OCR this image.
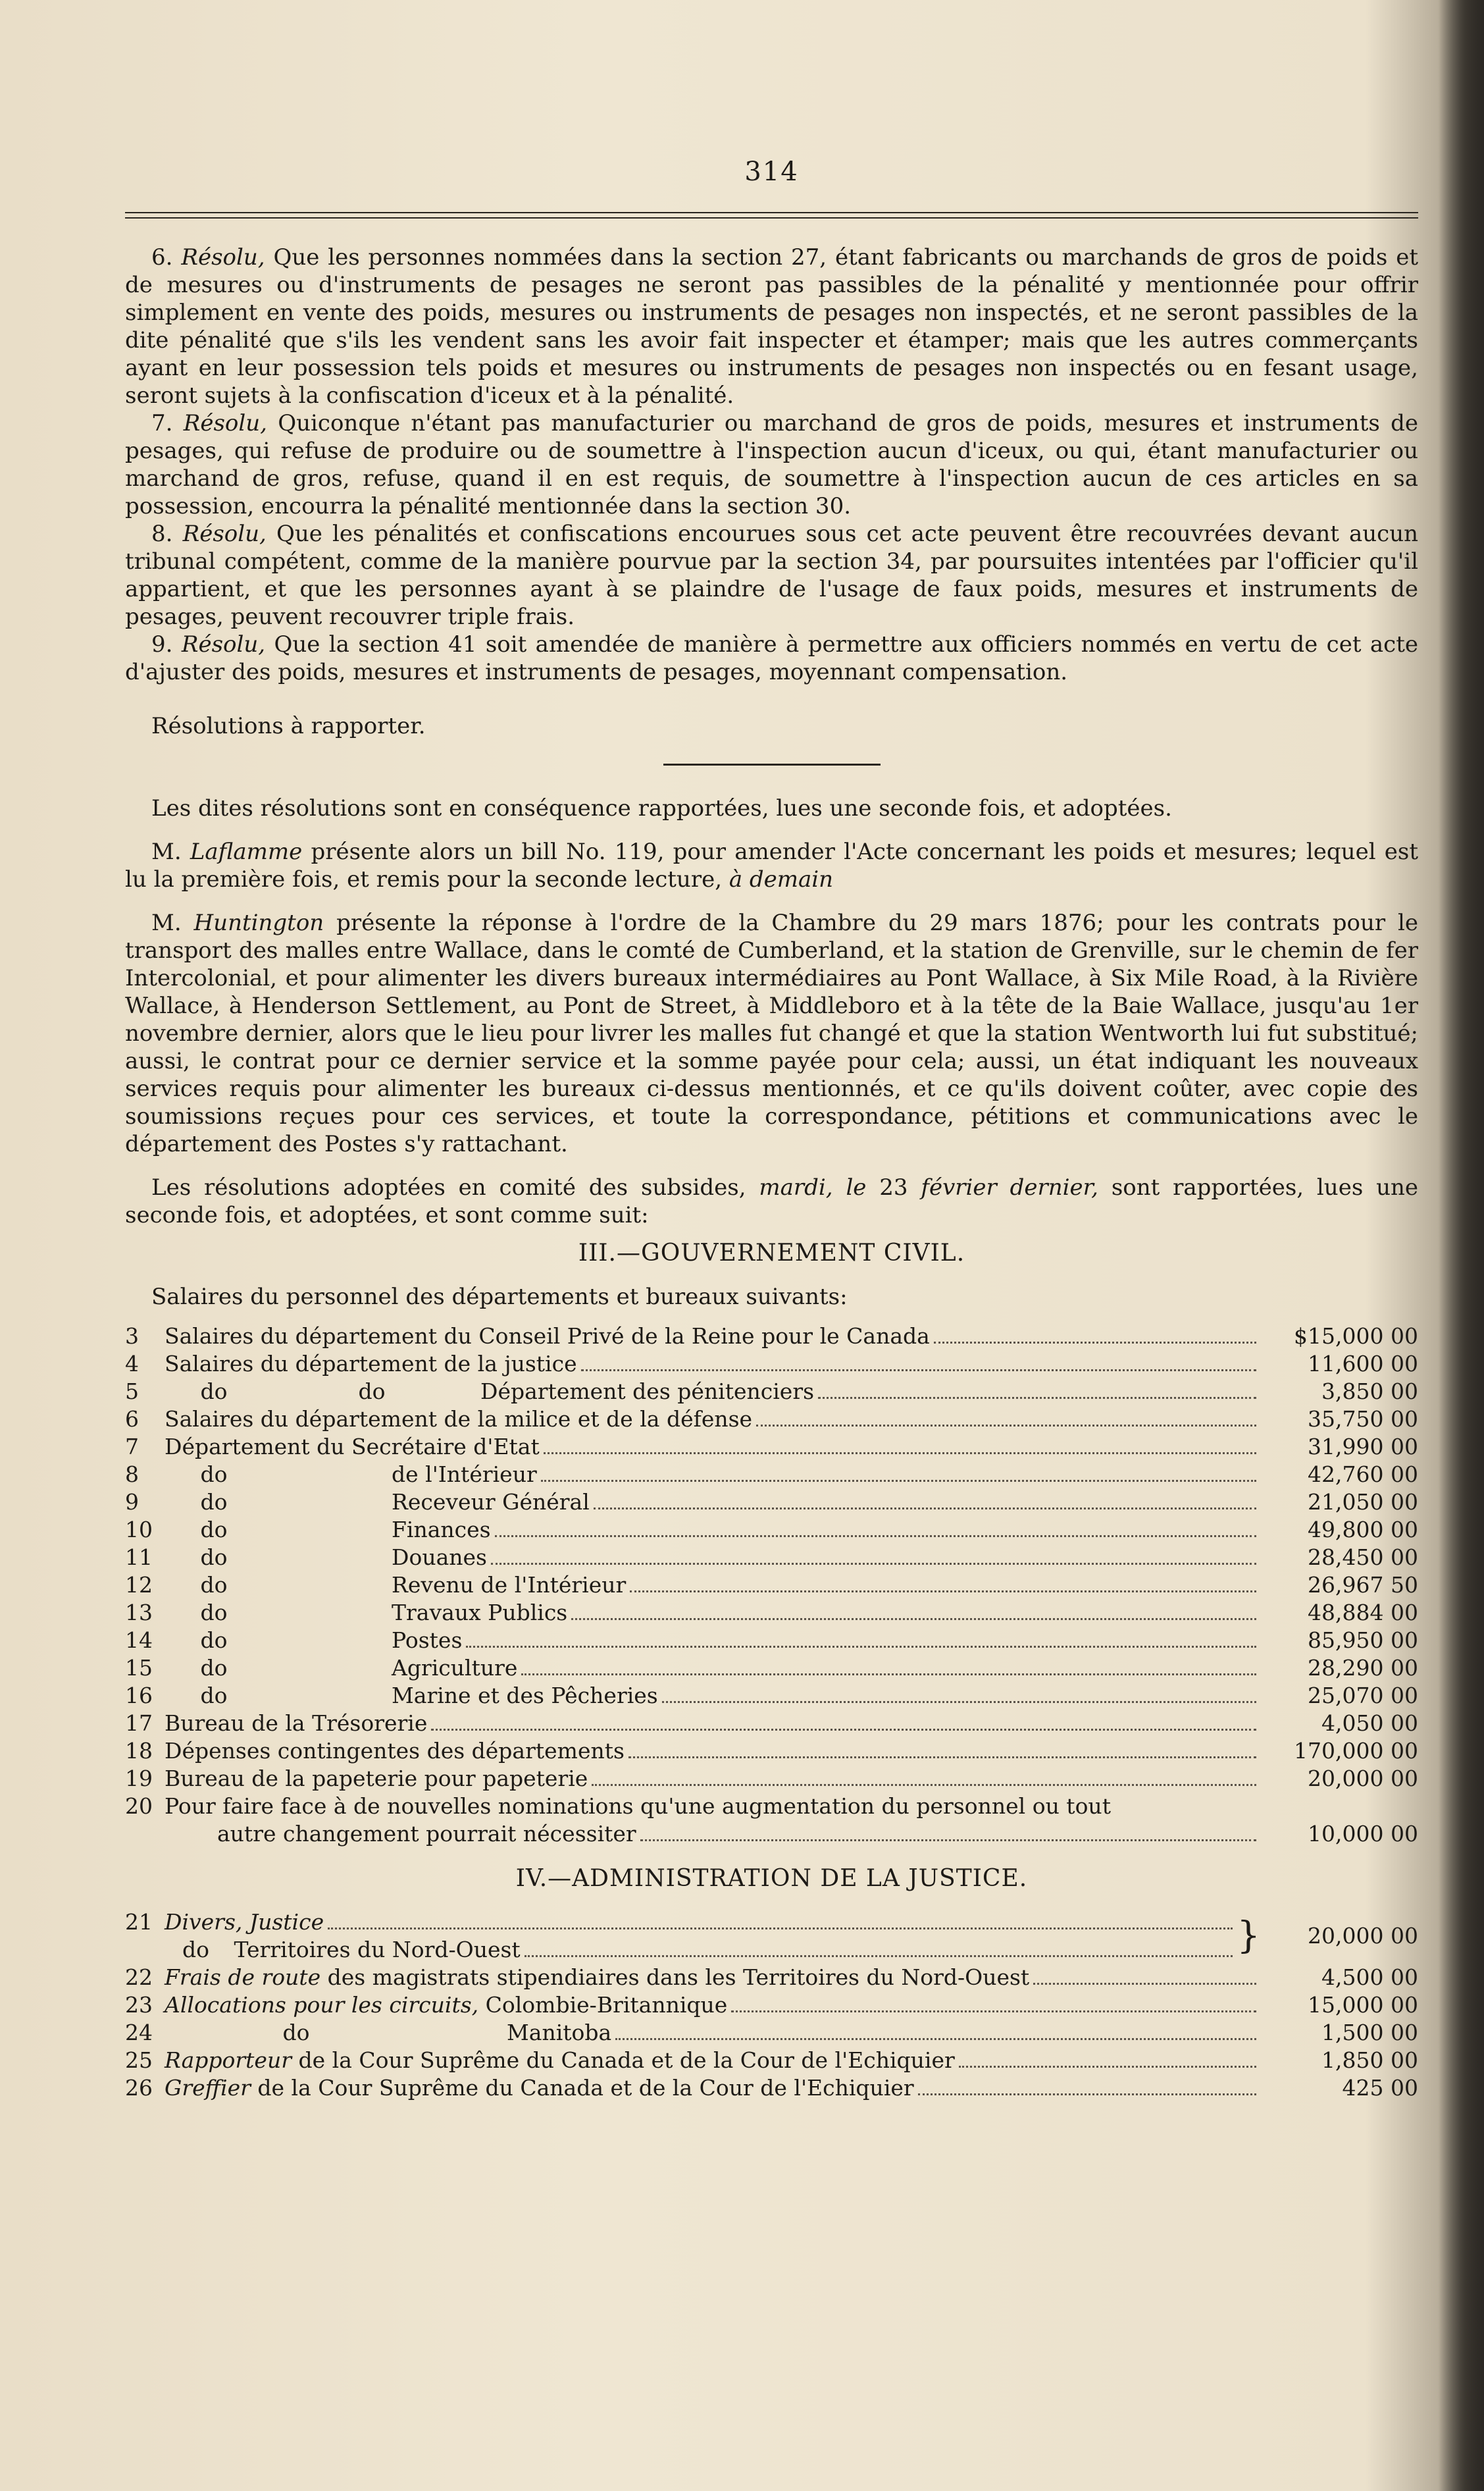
314

6. Résolu, Que les personnes nommées dans la section 27, étant fabricants ou marchands de gros de poids et de mesures ou d'instruments de pesages ne seront pas passibles de la pénalité y mentionnée pour offrir simplement en vente des poids, mesures ou instruments de pesages non inspectés, et ne seront passibles de la dite pénalité que s'ils les vendent sans les avoir fait inspecter et étamper; mais que les autres commerçants ayant en leur possession tels poids et mesures ou instruments de pesages non inspectés ou en fesant usage, seront sujets à la confiscation d'iceux et à la pénalité.

7. Résolu, Quiconque n'étant pas manufacturier ou marchand de gros de poids, mesures et instruments de pesages, qui refuse de produire ou de soumettre à l'inspection aucun d'iceux, ou qui, étant manufacturier ou marchand de gros, refuse, quand il en est requis, de soumettre à l'inspection aucun de ces articles en sa possession, encourra la pénalité mentionnée dans la section 30.

8. Résolu, Que les pénalités et confiscations encourues sous cet acte peuvent être recouvrées devant aucun tribunal compétent, comme de la manière pourvue par la section 34, par poursuites intentées par l'officier qu'il appartient, et que les personnes ayant à se plaindre de l'usage de faux poids, mesures et instruments de pesages, peuvent recouvrer triple frais.

9. Résolu, Que la section 41 soit amendée de manière à permettre aux officiers nommés en vertu de cet acte d'ajuster des poids, mesures et instruments de pesages, moyennant compensation.

Résolutions à rapporter.

Les dites résolutions sont en conséquence rapportées, lues une seconde fois, et adoptées.

M. Laflamme présente alors un bill No. 119, pour amender l'Acte concernant les poids et mesures; lequel est lu la première fois, et remis pour la seconde lecture, à demain

M. Huntington présente la réponse à l'ordre de la Chambre du 29 mars 1876; pour les contrats pour le transport des malles entre Wallace, dans le comté de Cumberland, et la station de Grenville, sur le chemin de fer Intercolonial, et pour alimenter les divers bureaux intermédiaires au Pont Wallace, à Six Mile Road, à la Rivière Wallace, à Henderson Settlement, au Pont de Street, à Middleboro et à la tête de la Baie Wallace, jusqu'au 1er novembre dernier, alors que le lieu pour livrer les malles fut changé et que la station Wentworth lui fut substitué; aussi, le contrat pour ce dernier service et la somme payée pour cela; aussi, un état indiquant les nouveaux services requis pour alimenter les bureaux ci-dessus mentionnés, et ce qu'ils doivent coûter, avec copie des soumissions reçues pour ces services, et toute la correspondance, pétitions et communications avec le département des Postes s'y rattachant.

Les résolutions adoptées en comité des subsides, mardi, le 23 février dernier, sont rapportées, lues une seconde fois, et adoptées, et sont comme suit:

III.—GOUVERNEMENT CIVIL.

Salaires du personnel des départements et bureaux suivants:

3	Salaires du département du Conseil Privé de la Reine pour le Canada	$15,000 00
4	Salaires du département de la justice	11,600 00
5	do do Département des pénitenciers	3,850 00
6	Salaires du département de la milice et de la défense	35,750 00
7	Département du Secrétaire d'Etat	31,990 00
8	do de l'Intérieur	42,760 00
9	do Receveur Général	21,050 00
10	do Finances	49,800 00
11	do Douanes	28,450 00
12	do Revenu de l'Intérieur	26,967 50
13	do Travaux Publics	48,884 00
14	do Postes	85,950 00
15	do Agriculture	28,290 00
16	do Marine et des Pêcheries	25,070 00
17	Bureau de la Trésorerie	4,050 00
18	Dépenses contingentes des départements	170,000 00
19	Bureau de la papeterie pour papeterie	20,000 00
20	Pour faire face à de nouvelles nominations qu'une augmentation du personnel ou tout
autre changement pourrait nécessiter	10,000 00
IV.—ADMINISTRATION DE LA JUSTICE.
21	Divers, Justice	}	20,000 00

	do Territoires du Nord-Ouest		

22	Frais de route des magistrats stipendiaires dans les Territoires du Nord-Ouest		4,500 00
23	Allocations pour les circuits, Colombie-Britannique		15,000 00
24	do Manitoba		1,500 00
25	Rapporteur de la Cour Suprême du Canada et de la Cour de l'Echiquier		1,850 00
26	Greffier de la Cour Suprême du Canada et de la Cour de l'Echiquier		425 00
